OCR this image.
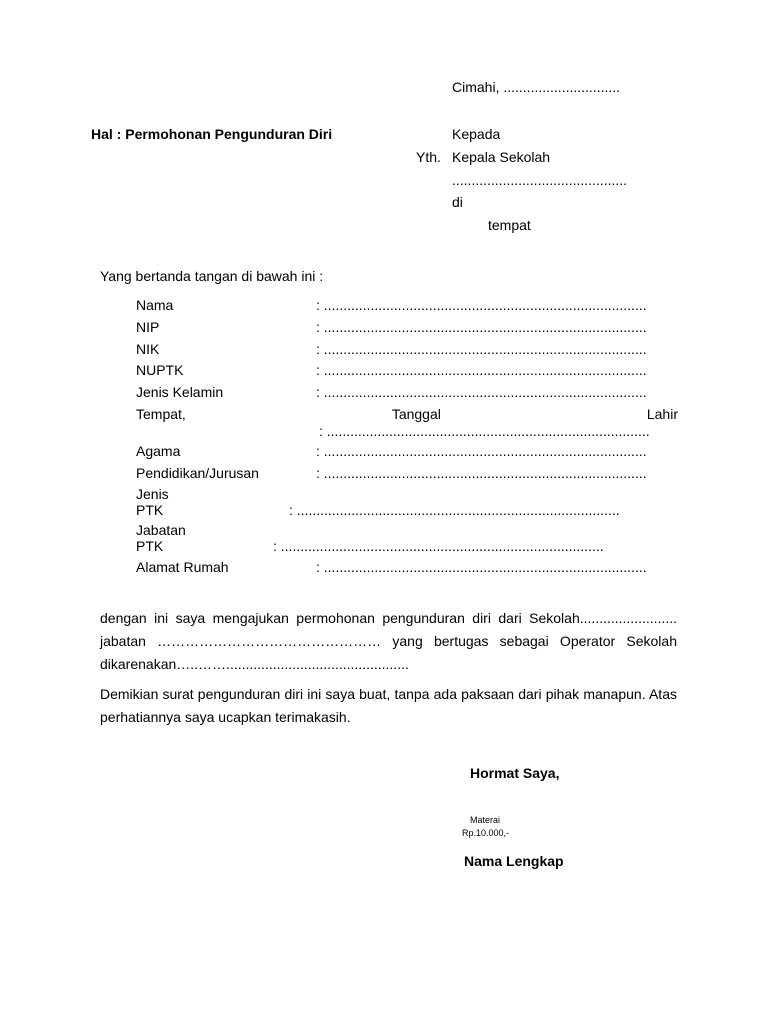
Cimahi, ..............................
Hal : Permohonan Pengunduran Diri	Kepada
Yth. Kepala Sekolah
.............................................
di
tempat
Yang bertanda tangan di bawah ini :
Nama	: ...................................................................................
NIP	: ...................................................................................
NIK	: ...................................................................................
NUPTK	: ...................................................................................
Jenis Kelamin	: ...................................................................................
Tempat,	Tanggal	Lahir
: ...................................................................................
Agama	: ...................................................................................
Pendidikan/Jurusan	: ...................................................................................
Jenis
PTK	: ...................................................................................
Jabatan
PTK	: ...................................................................................
Alamat Rumah	: ...................................................................................
dengan ini saya mengajukan permohonan pengunduran diri dari Sekolah......................... jabatan ………………………………………… yang bertugas sebagai Operator Sekolah dikarenakan…..……...............................................
Demikian surat pengunduran diri ini saya buat, tanpa ada paksaan dari pihak manapun. Atas perhatiannya saya ucapkan terimakasih.
Hormat Saya,
Materai
Rp.10.000,-
Nama Lengkap
